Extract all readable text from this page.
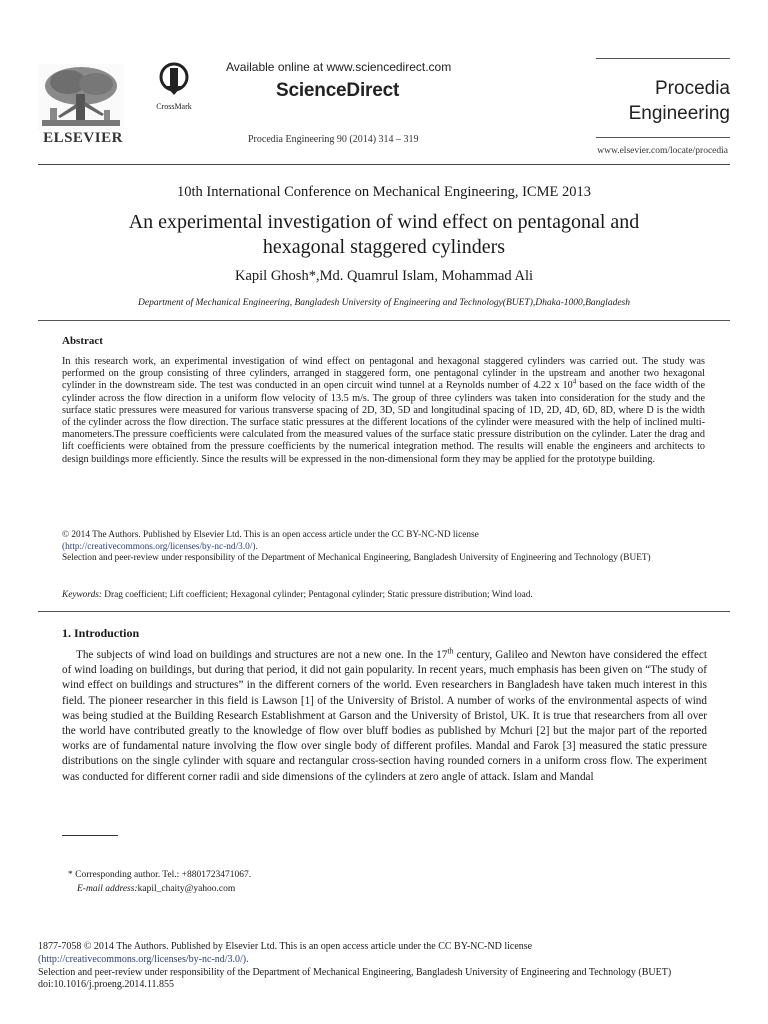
ELSEVIER
CrossMark
Available online at www.sciencedirect.com
ScienceDirect
Procedia Engineering 90 (2014) 314 – 319
Procedia
Engineering
www.elsevier.com/locate/procedia
10th International Conference on Mechanical Engineering, ICME 2013
An experimental investigation of wind effect on pentagonal and
hexagonal staggered cylinders
Kapil Ghosh*,Md. Quamrul Islam, Mohammad Ali
Department of Mechanical Engineering, Bangladesh University of Engineering and Technology(BUET),Dhaka-1000,Bangladesh
Abstract
In this research work, an experimental investigation of wind effect on pentagonal and hexagonal staggered cylinders was carried out. The study was performed on the group consisting of three cylinders, arranged in staggered form, one pentagonal cylinder in the upstream and another two hexagonal cylinder in the downstream side. The test was conducted in an open circuit wind tunnel at a Reynolds number of 4.22 x $10^4$ based on the face width of the cylinder across the flow direction in a uniform flow velocity of 13.5 m/s. The group of three cylinders was taken into consideration for the study and the surface static pressures were measured for various transverse spacing of 2D, 3D, 5D and longitudinal spacing of 1D, 2D, 4D, 6D, 8D, where D is the width of the cylinder across the flow direction. The surface static pressures at the different locations of the cylinder were measured with the help of inclined multi-manometers.The pressure coefficients were calculated from the measured values of the surface static pressure distribution on the cylinder. Later the drag and lift coefficients were obtained from the pressure coefficients by the numerical integration method. The results will enable the engineers and architects to design buildings more efficiently. Since the results will be expressed in the non-dimensional form they may be applied for the prototype building.
© 2014 The Authors. Published by Elsevier Ltd. This is an open access article under the CC BY-NC-ND license
(http://creativecommons.org/licenses/by-nc-nd/3.0/).
Selection and peer-review under responsibility of the Department of Mechanical Engineering, Bangladesh University of Engineering and Technology (BUET)
Keywords: Drag coefficient; Lift coefficient; Hexagonal cylinder; Pentagonal cylinder; Static pressure distribution; Wind load.
1. Introduction
The subjects of wind load on buildings and structures are not a new one. In the 17th century, Galileo and Newton have considered the effect of wind loading on buildings, but during that period, it did not gain popularity. In recent years, much emphasis has been given on “The study of wind effect on buildings and structures” in the different corners of the world. Even researchers in Bangladesh have taken much interest in this field. The pioneer researcher in this field is Lawson [1] of the University of Bristol. A number of works of the environmental aspects of wind was being studied at the Building Research Establishment at Garson and the University of Bristol, UK. It is true that researchers from all over the world have contributed greatly to the knowledge of flow over bluff bodies as published by Mchuri [2] but the major part of the reported works are of fundamental nature involving the flow over single body of different profiles. Mandal and Farok [3] measured the static pressure distributions on the single cylinder with square and rectangular cross-section having rounded corners in a uniform cross flow. The experiment was conducted for different corner radii and side dimensions of the cylinders at zero angle of attack. Islam and Mandal
* Corresponding author. Tel.: +8801723471067.
E-mail address:kapil_chaity@yahoo.com
1877-7058 © 2014 The Authors. Published by Elsevier Ltd. This is an open access article under the CC BY-NC-ND license
(http://creativecommons.org/licenses/by-nc-nd/3.0/).
Selection and peer-review under responsibility of the Department of Mechanical Engineering, Bangladesh University of Engineering and Technology (BUET)
doi:10.1016/j.proeng.2014.11.855
